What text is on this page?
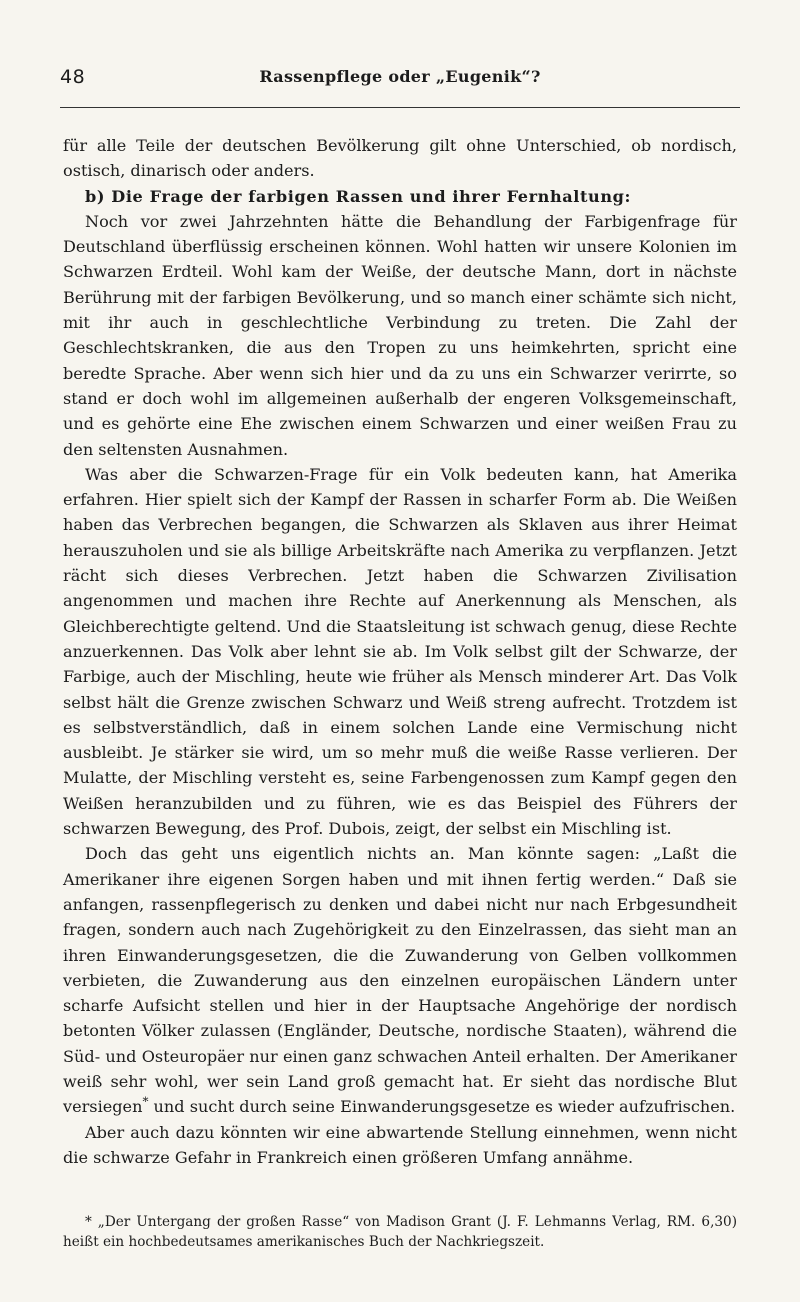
48	Rassenpflege oder „Eugenik“?

für alle Teile der deutschen Bevölkerung gilt ohne Unterschied, ob nordisch, ostisch, dinarisch oder anders.

b) Die Frage der farbigen Rassen und ihrer Fernhaltung:

Noch vor zwei Jahrzehnten hätte die Behandlung der Farbigenfrage für Deutschland überflüssig erscheinen können. Wohl hatten wir unsere Kolonien im Schwarzen Erdteil. Wohl kam der Weiße, der deutsche Mann, dort in nächste Berührung mit der farbigen Bevölkerung, und so manch einer schämte sich nicht, mit ihr auch in geschlechtliche Verbindung zu treten. Die Zahl der Geschlechtskranken, die aus den Tropen zu uns heimkehrten, spricht eine beredte Sprache. Aber wenn sich hier und da zu uns ein Schwarzer verirrte, so stand er doch wohl im allgemeinen außerhalb der engeren Volksgemeinschaft, und es gehörte eine Ehe zwischen einem Schwarzen und einer weißen Frau zu den seltensten Ausnahmen.

Was aber die Schwarzen-Frage für ein Volk bedeuten kann, hat Amerika erfahren. Hier spielt sich der Kampf der Rassen in scharfer Form ab. Die Weißen haben das Verbrechen begangen, die Schwarzen als Sklaven aus ihrer Heimat herauszuholen und sie als billige Arbeitskräfte nach Amerika zu verpflanzen. Jetzt rächt sich dieses Verbrechen. Jetzt haben die Schwarzen Zivilisation angenommen und machen ihre Rechte auf Anerkennung als Menschen, als Gleichberechtigte geltend. Und die Staatsleitung ist schwach genug, diese Rechte anzuerkennen. Das Volk aber lehnt sie ab. Im Volk selbst gilt der Schwarze, der Farbige, auch der Mischling, heute wie früher als Mensch minderer Art. Das Volk selbst hält die Grenze zwischen Schwarz und Weiß streng aufrecht. Trotzdem ist es selbstverständlich, daß in einem solchen Lande eine Vermischung nicht ausbleibt. Je stärker sie wird, um so mehr muß die weiße Rasse verlieren. Der Mulatte, der Mischling versteht es, seine Farbengenossen zum Kampf gegen den Weißen heranzubilden und zu führen, wie es das Beispiel des Führers der schwarzen Bewegung, des Prof. Dubois, zeigt, der selbst ein Mischling ist.

Doch das geht uns eigentlich nichts an. Man könnte sagen: „Laßt die Amerikaner ihre eigenen Sorgen haben und mit ihnen fertig werden.“ Daß sie anfangen, rassenpflegerisch zu denken und dabei nicht nur nach Erbgesundheit fragen, sondern auch nach Zugehörigkeit zu den Einzelrassen, das sieht man an ihren Einwanderungsgesetzen, die die Zuwanderung von Gelben vollkommen verbieten, die Zuwanderung aus den einzelnen europäischen Ländern unter scharfe Aufsicht stellen und hier in der Hauptsache Angehörige der nordisch betonten Völker zulassen (Engländer, Deutsche, nordische Staaten), während die Süd- und Osteuropäer nur einen ganz schwachen Anteil erhalten. Der Amerikaner weiß sehr wohl, wer sein Land groß gemacht hat. Er sieht das nordische Blut versiegen* und sucht durch seine Einwanderungsgesetze es wieder aufzufrischen.

Aber auch dazu könnten wir eine abwartende Stellung einnehmen, wenn nicht die schwarze Gefahr in Frankreich einen größeren Umfang annähme.

* „Der Untergang der großen Rasse“ von Madison Grant (J. F. Lehmanns Verlag, RM. 6,30) heißt ein hochbedeutsames amerikanisches Buch der Nachkriegszeit.
